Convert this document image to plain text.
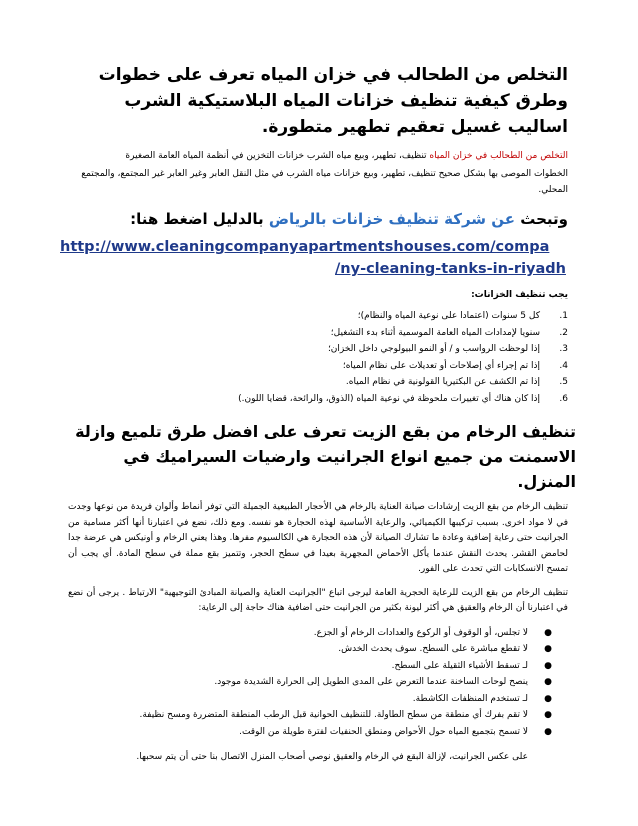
التخلص من الطحالب في خزان المياه تعرف على خطوات وطرق كيفية تنظيف خزانات المياه البلاستيكية الشرب اساليب غسيل تعقيم تطهير متطورة.
التخلص من الطحالب في خزان المياه تنظيف، تطهير، وبيع مياه الشرب خزانات التخزين في أنظمة المياه العامة الصغيرة
الخطوات الموصى بها بشكل صحيح تنظيف، تطهير، وبيع خزانات مياه الشرب في مثل النقل العابر وغير العابر غير المجتمع، والمجتمع المحلي.
وتبحث عن شركة تنظيف خزانات بالرياض بالدليل اضغط هنا:
http://www.cleaningcompanyapartmentshouses.com/compa
/ny-cleaning-tanks-in-riyadh
يجب تنظيف الخزانات:
1.
كل 5 سنوات (اعتمادا على نوعية المياه والنظام)؛
2.
سنويا لإمدادات المياه العامة الموسمية أثناء بدء التشغيل؛
3.
إذا لوحظت الرواسب و / أو النمو البيولوجي داخل الخزان؛
4.
إذا تم إجراء أي إصلاحات أو تعديلات على نظام المياه؛
5.
إذا تم الكشف عن البكتيريا القولونية في نظام المياه.
6.
إذا كان هناك أي تغييرات ملحوظة في نوعية المياه (الذوق، والرائحة، قضايا اللون.)
تنظيف الرخام من بقع الزيت تعرف على افضل طرق تلميع وازلة الاسمنت من جميع انواع الجرانيت وارضيات السيراميك في المنزل.
تنظيف الرخام من بقع الزيت إرشادات صيانة العناية بالرخام هي الأحجار الطبيعية الجميلة التي توفر أنماط وألوان فريدة من نوعها وجدت في لا مواد اخرى. بسبب تركيبها الكيميائي، والرعاية الأساسية لهذه الحجارة هو نفسه. ومع ذلك، نضع في اعتبارنا أنها أكثر مسامية من الجرانيت حتى رعاية إضافية وعادة ما تشارك الصيانة لأن هذه الحجارة هي الكالسيوم مفرها. وهذا يعني الرخام و أونيكس هي عرضة جدا لحامض القشر. يحدث النقش عندما يأكل الأحماض المجهرية بعيدا في سطح الحجر، وتتميز بقع مملة في سطح المادة. أي يجب أن تمسح الانسكابات التي تحدث على الفور.
تنظيف الرخام من بقع الزيت للرعاية الحجرية العامة ليرجى اتباع "الجرانيت العناية والصيانة المبادئ التوجيهية" الارتباط . يرجى أن نضع في اعتبارنا أن الرخام والعقيق هي أكثر ليونة بكثير من الجرانيت حتى اضافية هناك حاجة إلى الرعاية:
●
لا تجلس، أو الوقوف أو الركوع والعدادات الرخام أو الجزع.
●
لا تقطع مباشرة على السطح. سوف يحدث الخدش.
●
لـ تسقط الأشياء الثقيلة على السطح.
●
ينصح لوحات الساخنة عندما التعرض على المدى الطويل إلى الحرارة الشديدة موجود.
●
لـ تستخدم المنظفات الكاشطة.
●
لا تقم بفرك أي منطقة من سطح الطاولة. للتنظيف الحوانية قبل الرطب المنطقة المتضررة ومسح نظيفة.
●
لا تسمح بتجميع المياه حول الأحواض ومنطق الحنفيات لفترة طويلة من الوقت.
على عكس الجرانيت، لإزالة البقع في الرخام والعقيق نوصي أصحاب المنزل الاتصال بنا حتى أن يتم سحبها.
